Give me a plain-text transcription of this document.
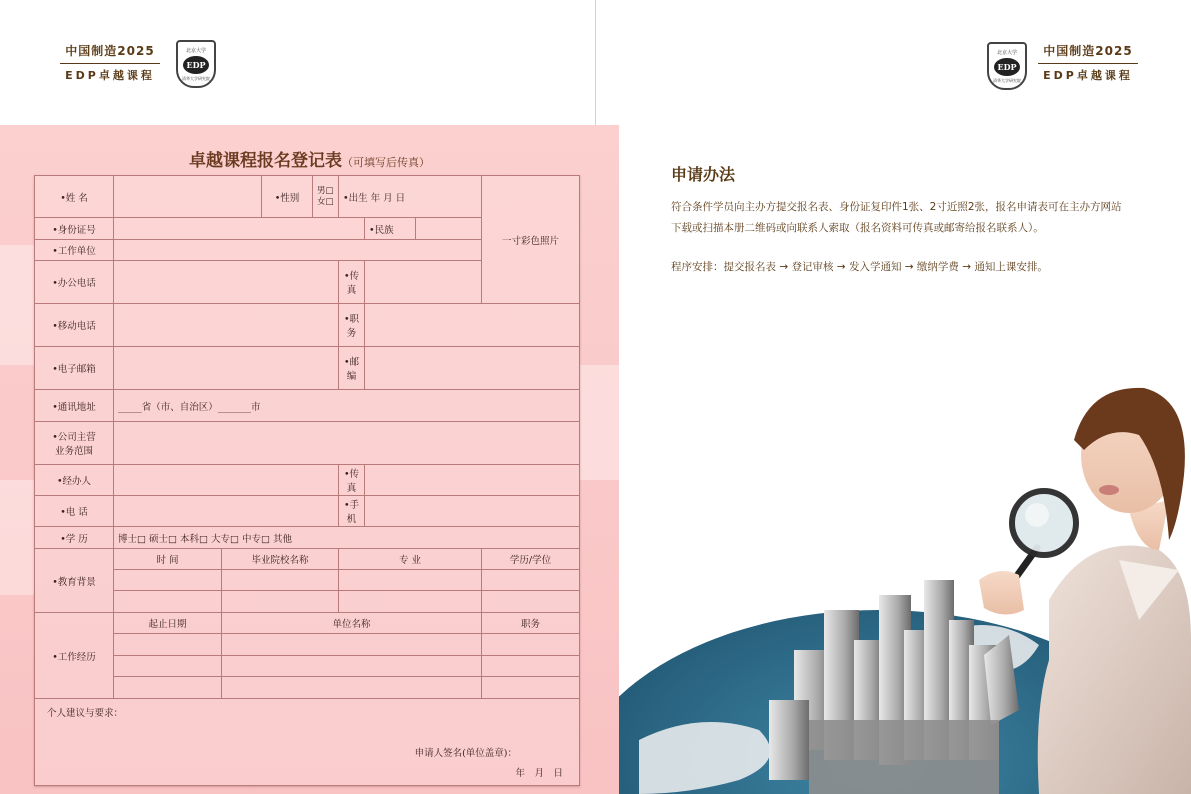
中国制造2025
EDP卓越课程
北京大学
EDP
清华大学研究院
北京大学
EDP
清华大学研究院
中国制造2025
EDP卓越课程
卓越课程报名登记表（可填写后传真）
•姓 名			•性别	男□ 女□	•出生 年 月 日			一寸彩色照片
•身份证号						•民族		
•工作单位								
•办公电话					•传 真			
•移动电话					•职 务			
•电子邮箱					•邮 编			
•通讯地址	_____省（市、自治区）_______市							

•公司主营
业务范围								

•经办人					•传 真			
•电 话					•手 机			
•学 历	博士□ 硕士□ 本科□ 大专□ 中专□ 其他							
•教育背景	时 间	毕业院校名称			专 业			学历/学位

•工作经历	起止日期	单位名称						职务

个人建议与要求：
申请人签名(单位盖章)：
年　月　日								
申请办法
符合条件学员向主办方提交报名表、身份证复印件1张、2寸近照2张，报名申请表可在主办方网站下载或扫描本册二维码或向联系人索取（报名资料可传真或邮寄给报名联系人）。
程序安排：提交报名表 → 登记审核 → 发入学通知 → 缴纳学费 → 通知上课安排。
